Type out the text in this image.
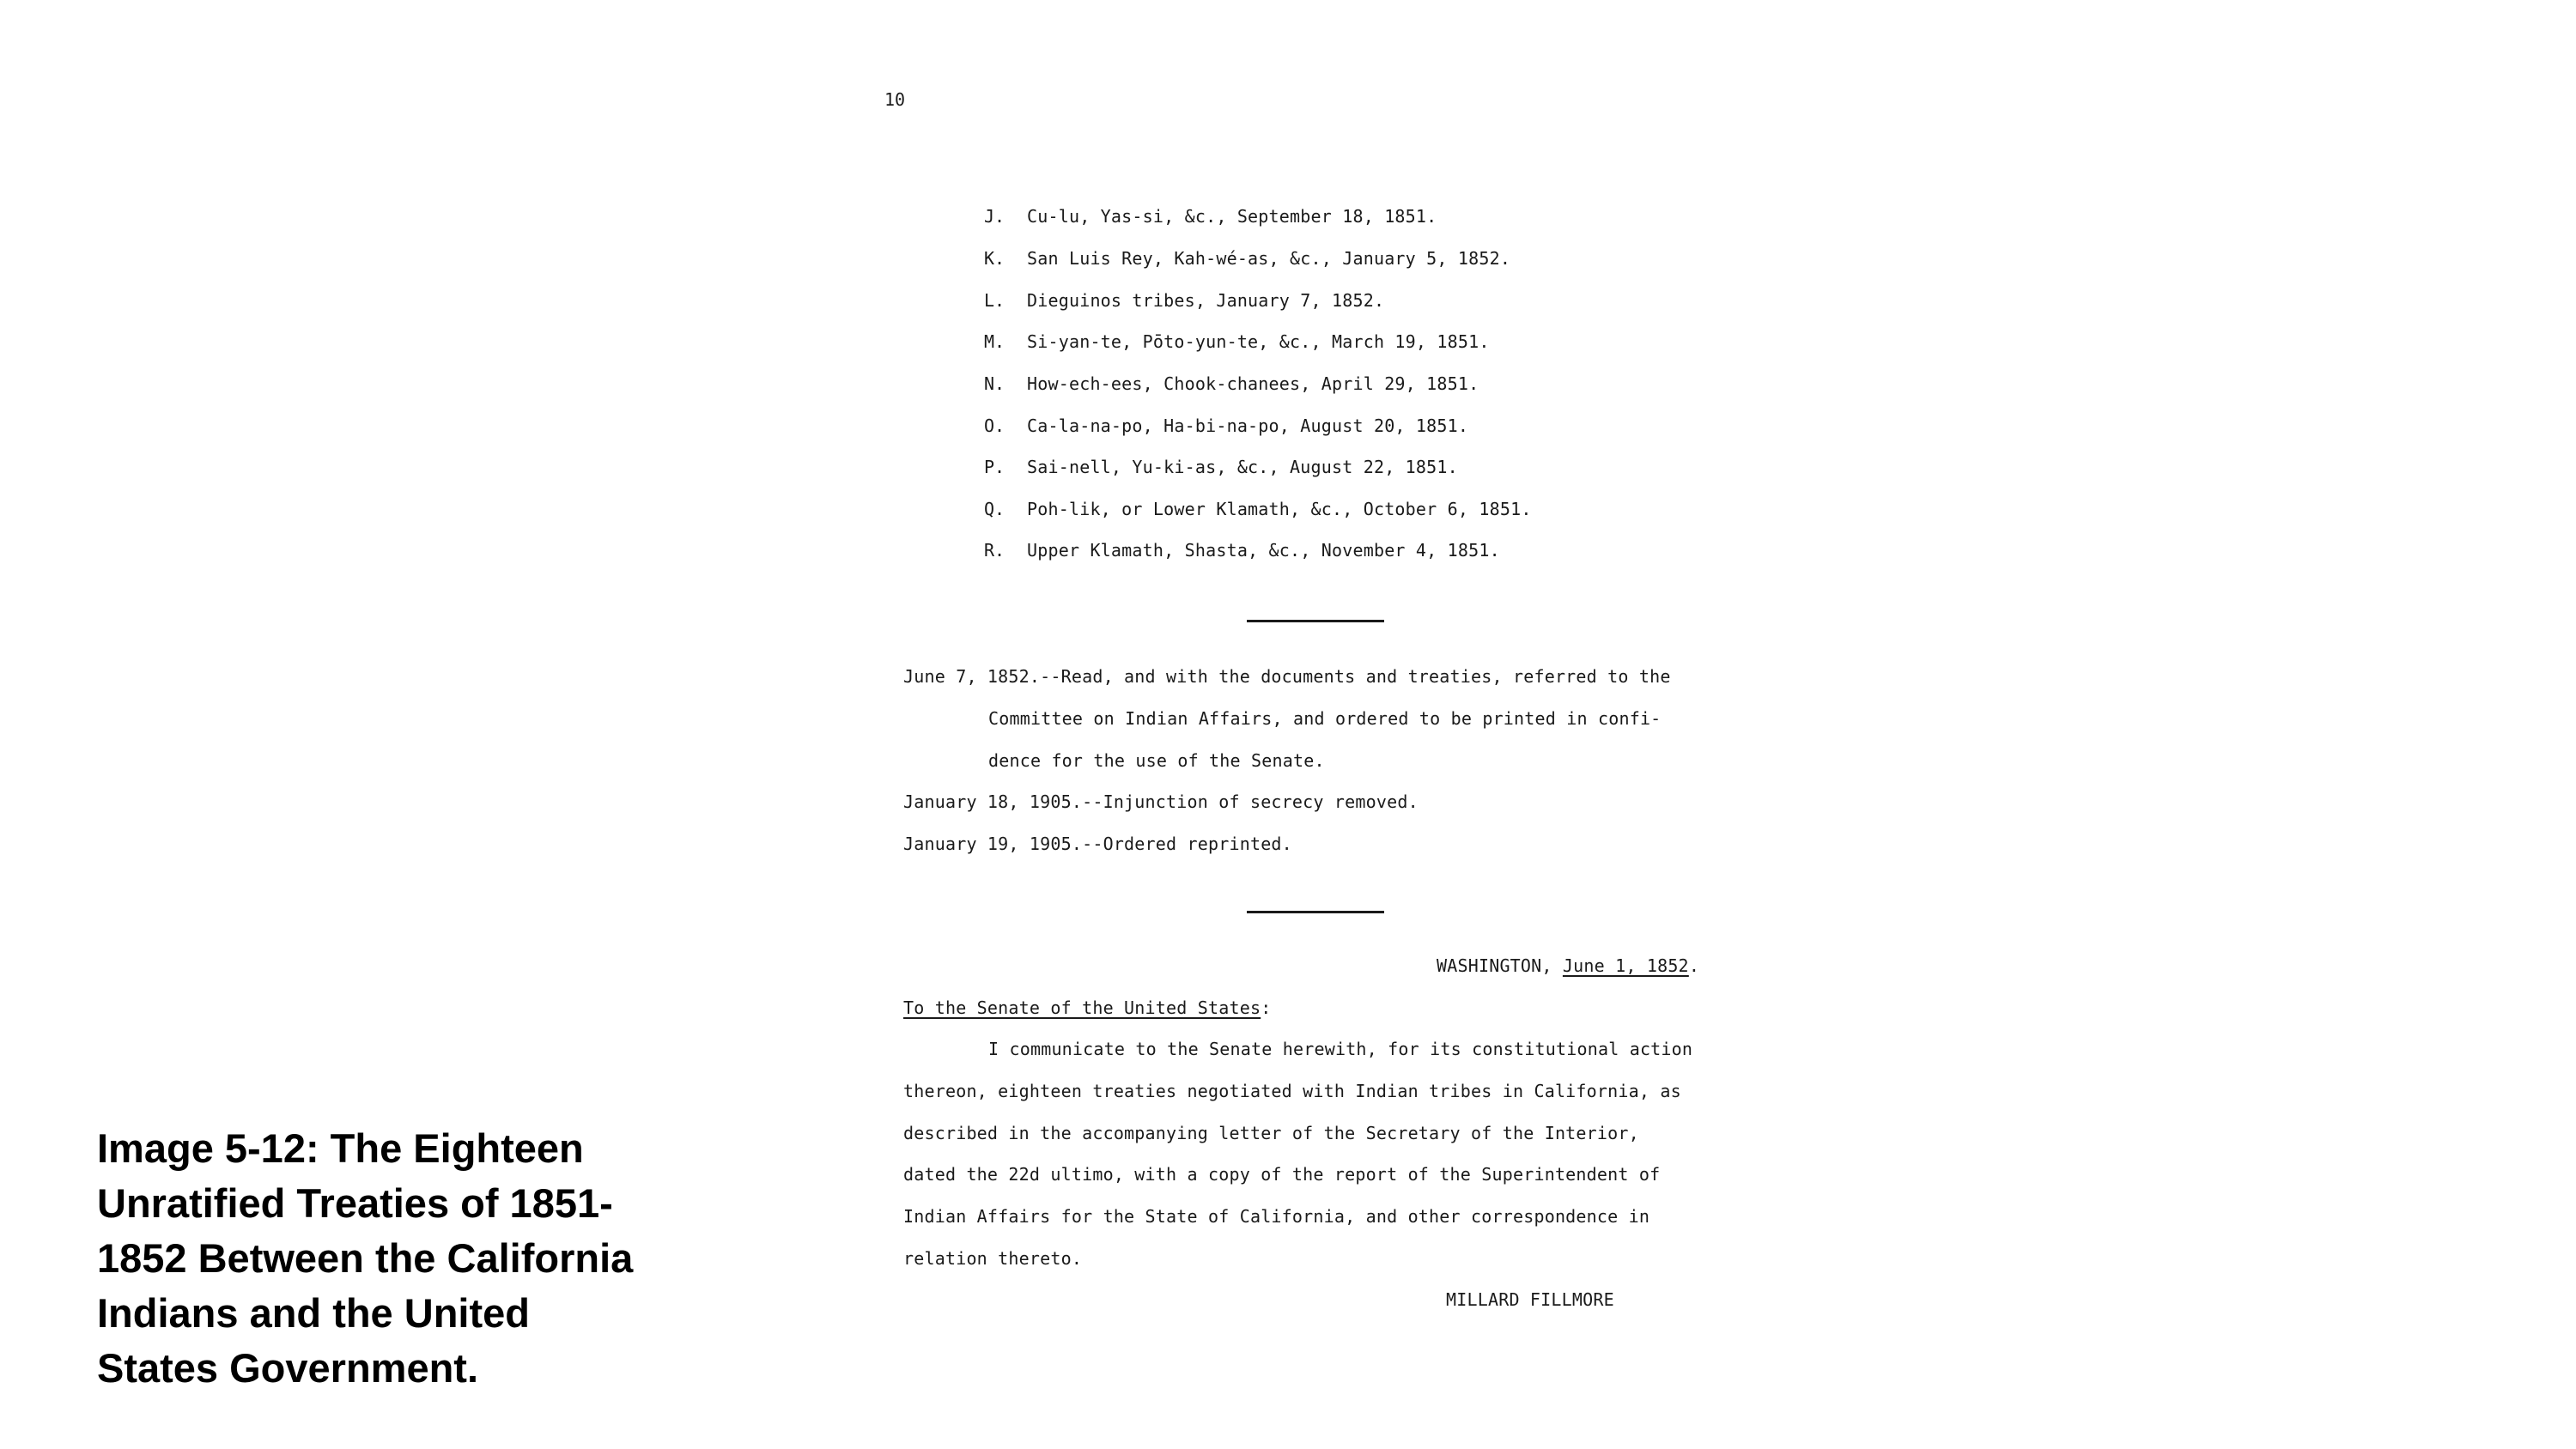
Image 5-12: The Eighteen
Unratified Treaties of 1851-
1852 Between the California
Indians and the United
States Government.
10
J. Cu-lu, Yas-si, &c., September 18, 1851.
K. San Luis Rey, Kah-wé-as, &c., January 5, 1852.
L. Dieguinos tribes, January 7, 1852.
M. Si-yan-te, Pōto-yun-te, &c., March 19, 1851.
N. How-ech-ees, Chook-chanees, April 29, 1851.
O. Ca-la-na-po, Ha-bi-na-po, August 20, 1851.
P. Sai-nell, Yu-ki-as, &c., August 22, 1851.
Q. Poh-lik, or Lower Klamath, &c., October 6, 1851.
R. Upper Klamath, Shasta, &c., November 4, 1851.
June 7, 1852.--Read, and with the documents and treaties, referred to the
Committee on Indian Affairs, and ordered to be printed in confi-
dence for the use of the Senate.
January 18, 1905.--Injunction of secrecy removed.
January 19, 1905.--Ordered reprinted.
WASHINGTON, June 1, 1852.
To the Senate of the United States:
I communicate to the Senate herewith, for its constitutional action
thereon, eighteen treaties negotiated with Indian tribes in California, as
described in the accompanying letter of the Secretary of the Interior,
dated the 22d ultimo, with a copy of the report of the Superintendent of
Indian Affairs for the State of California, and other correspondence in
relation thereto.
MILLARD FILLMORE
